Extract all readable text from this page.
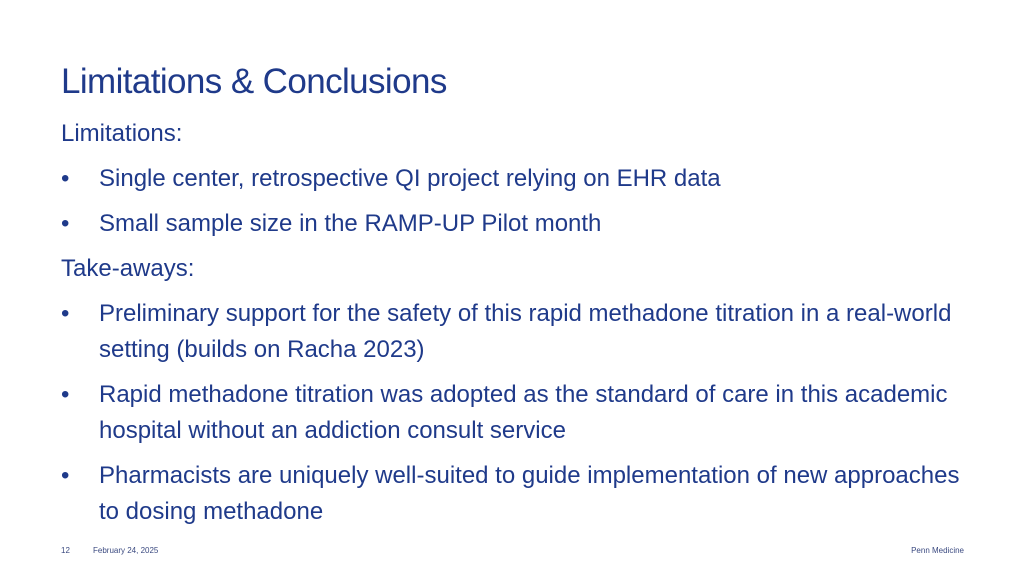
Limitations & Conclusions
Limitations:
•	Single center, retrospective QI project relying on EHR data
•	Small sample size in the RAMP-UP Pilot month
Take-aways:
•	Preliminary support for the safety of this rapid methadone titration in a real-world setting (builds on Racha 2023)
•	Rapid methadone titration was adopted as the standard of care in this academic hospital without an addiction consult service
•	Pharmacists are uniquely well-suited to guide implementation of new approaches to dosing methadone
12	February 24, 2025	Penn Medicine
